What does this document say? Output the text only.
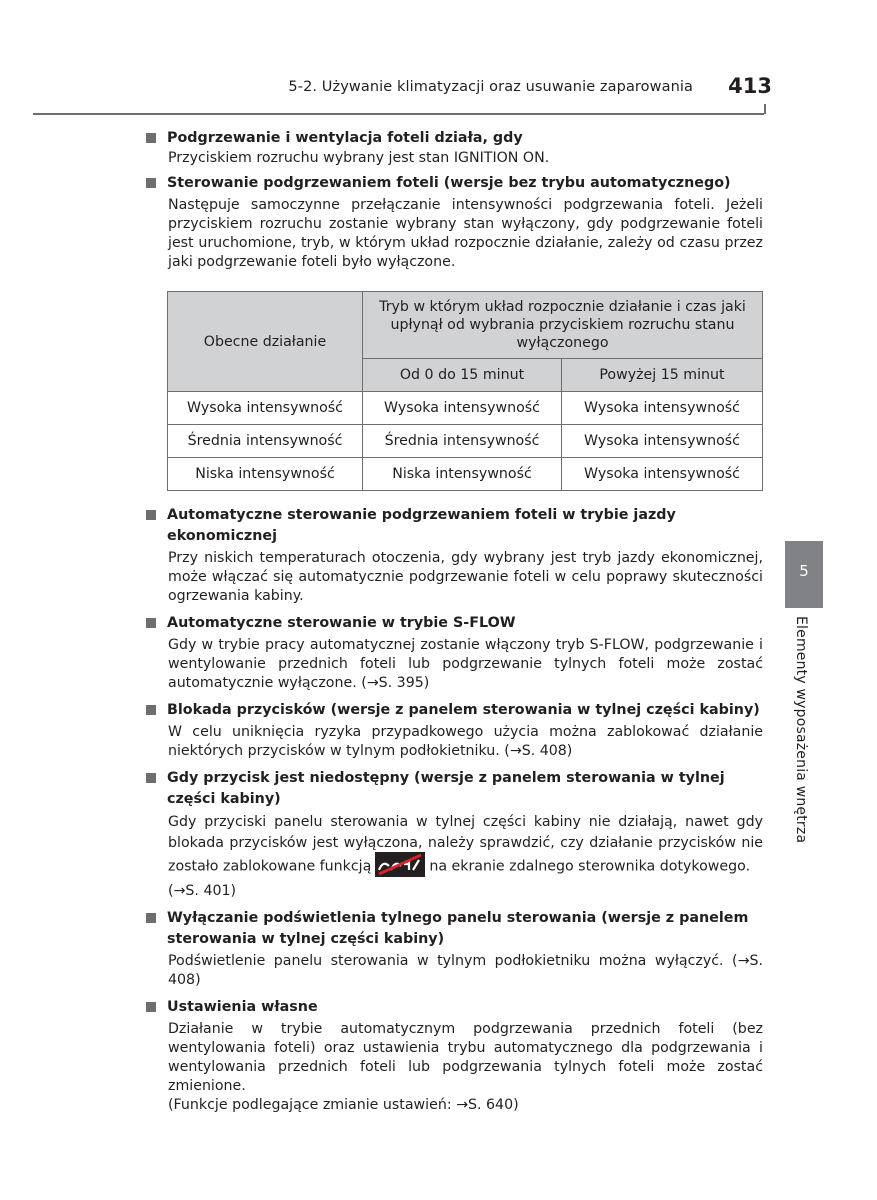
5-2. Używanie klimatyzacji oraz usuwanie zaparowania 413
5
Elementy wyposażenia wnętrza
Podgrzewanie i wentylacja foteli działa, gdy

Przyciskiem rozruchu wybrany jest stan IGNITION ON.

Sterowanie podgrzewaniem foteli (wersje bez trybu automatycznego)

Następuje samoczynne przełączanie intensywności podgrzewania foteli. Jeżeli przyciskiem rozruchu zostanie wybrany stan wyłączony, gdy podgrzewanie foteli jest uruchomione, tryb, w którym układ rozpocznie działanie, zależy od czasu przez jaki podgrzewanie foteli było wyłączone.

Obecne działanie	Tryb w którym układ rozpocznie działanie i czas jaki upłynął od wybrania przyciskiem rozruchu stanu wyłączonego	
	Od 0 do 15 minut	Powyżej 15 minut
Wysoka intensywność	Wysoka intensywność	Wysoka intensywność
Średnia intensywność	Średnia intensywność	Wysoka intensywność
Niska intensywność	Niska intensywność	Wysoka intensywność
Automatyczne sterowanie podgrzewaniem foteli w trybie jazdy ekonomicznej

Przy niskich temperaturach otoczenia, gdy wybrany jest tryb jazdy ekonomicznej, może włączać się automatycznie podgrzewanie foteli w celu poprawy skuteczności ogrzewania kabiny.

Automatyczne sterowanie w trybie S-FLOW

Gdy w trybie pracy automatycznej zostanie włączony tryb S-FLOW, podgrzewanie i wentylowanie przednich foteli lub podgrzewanie tylnych foteli może zostać automatycznie wyłączone. (→S. 395)

Blokada przycisków (wersje z panelem sterowania w tylnej części kabiny)

W celu uniknięcia ryzyka przypadkowego użycia można zablokować działanie niektórych przycisków w tylnym podłokietniku. (→S. 408)

Gdy przycisk jest niedostępny (wersje z panelem sterowania w tylnej części kabiny)

Gdy przyciski panelu sterowania w tylnej części kabiny nie działają, nawet gdy blokada przycisków jest wyłączona, należy sprawdzić, czy działanie przycisków nie zostało zablokowane funkcją	na ekranie zdalnego sterownika dotykowego.

(→S. 401)

Wyłączanie podświetlenia tylnego panelu sterowania (wersje z panelem sterowania w tylnej części kabiny)

Podświetlenie panelu sterowania w tylnym podłokietniku można wyłączyć. (→S. 408)

Ustawienia własne

Działanie w trybie automatycznym podgrzewania przednich foteli (bez wentylowania foteli) oraz ustawienia trybu automatycznego dla podgrzewania i wentylowania przednich foteli lub podgrzewania tylnych foteli może zostać zmienione.

(Funkcje podlegające zmianie ustawień: →S. 640)
